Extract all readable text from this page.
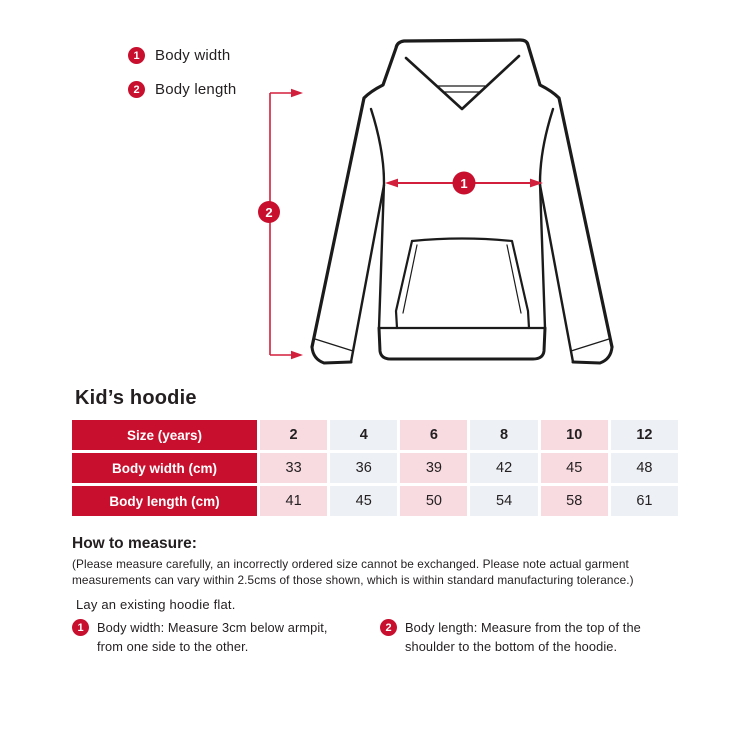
1	Body width
2	Body length
1
2
Kid’s hoodie
Size (years)	2	4	6	8	10	12
Body width (cm)	33	36	39	42	45	48
Body length (cm)	41	45	50	54	58	61
How to measure:

(Please measure carefully, an incorrectly ordered size cannot be exchanged. Please note actual garment measurements can vary within 2.5cms of those shown, which is within standard manufacturing tolerance.)

Lay an existing hoodie flat.

1	Body width: Measure 3cm below armpit, from one side to the other.
2	Body length: Measure from the top of the shoulder to the bottom of the hoodie.
